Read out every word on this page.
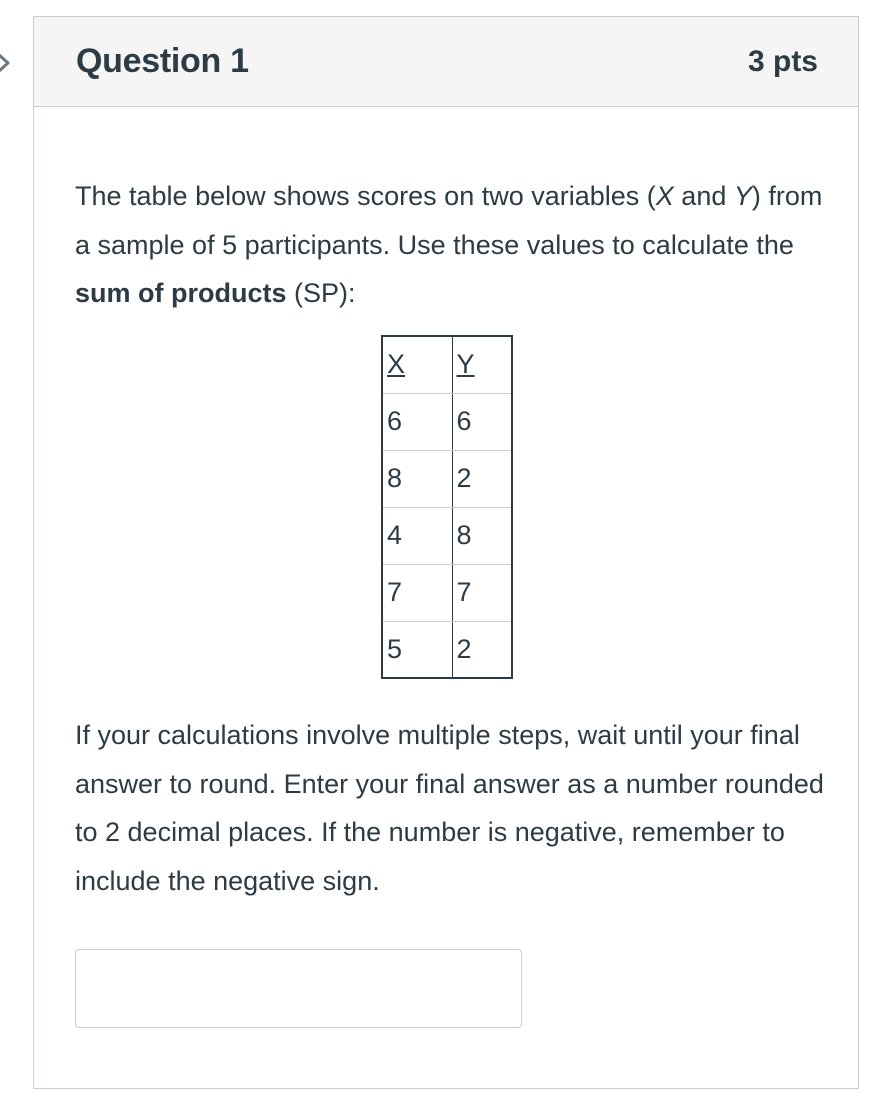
Question 1	3 pts

The table below shows scores on two variables (X and Y) from a sample of 5 participants. Use these values to calculate the sum of products (SP):

X	Y
6	6
8	2
4	8
7	7
5	2

If your calculations involve multiple steps, wait until your final answer to round. Enter your final answer as a number rounded to 2 decimal places. If the number is negative, remember to include the negative sign.
